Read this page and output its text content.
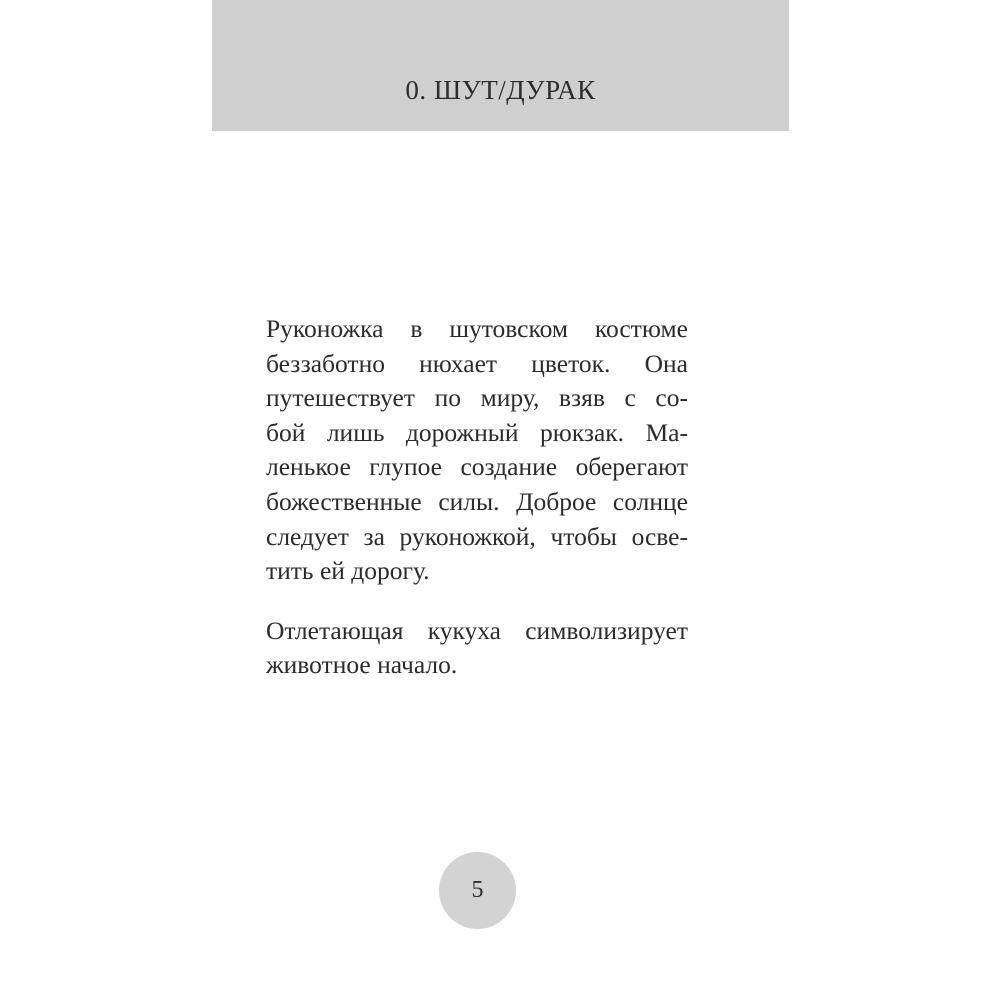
0. ШУТ/ДУРАК
Руконожка в шутовском костюме
беззаботно нюхает цветок. Она
путешествует по миру, взяв с со-
бой лишь дорожный рюкзак. Ма-
ленькое глупое создание оберегают
божественные силы. Доброе солнце
следует за руконожкой, чтобы осве-
тить ей дорогу.
Отлетающая кукуха символизирует
животное начало.
5
